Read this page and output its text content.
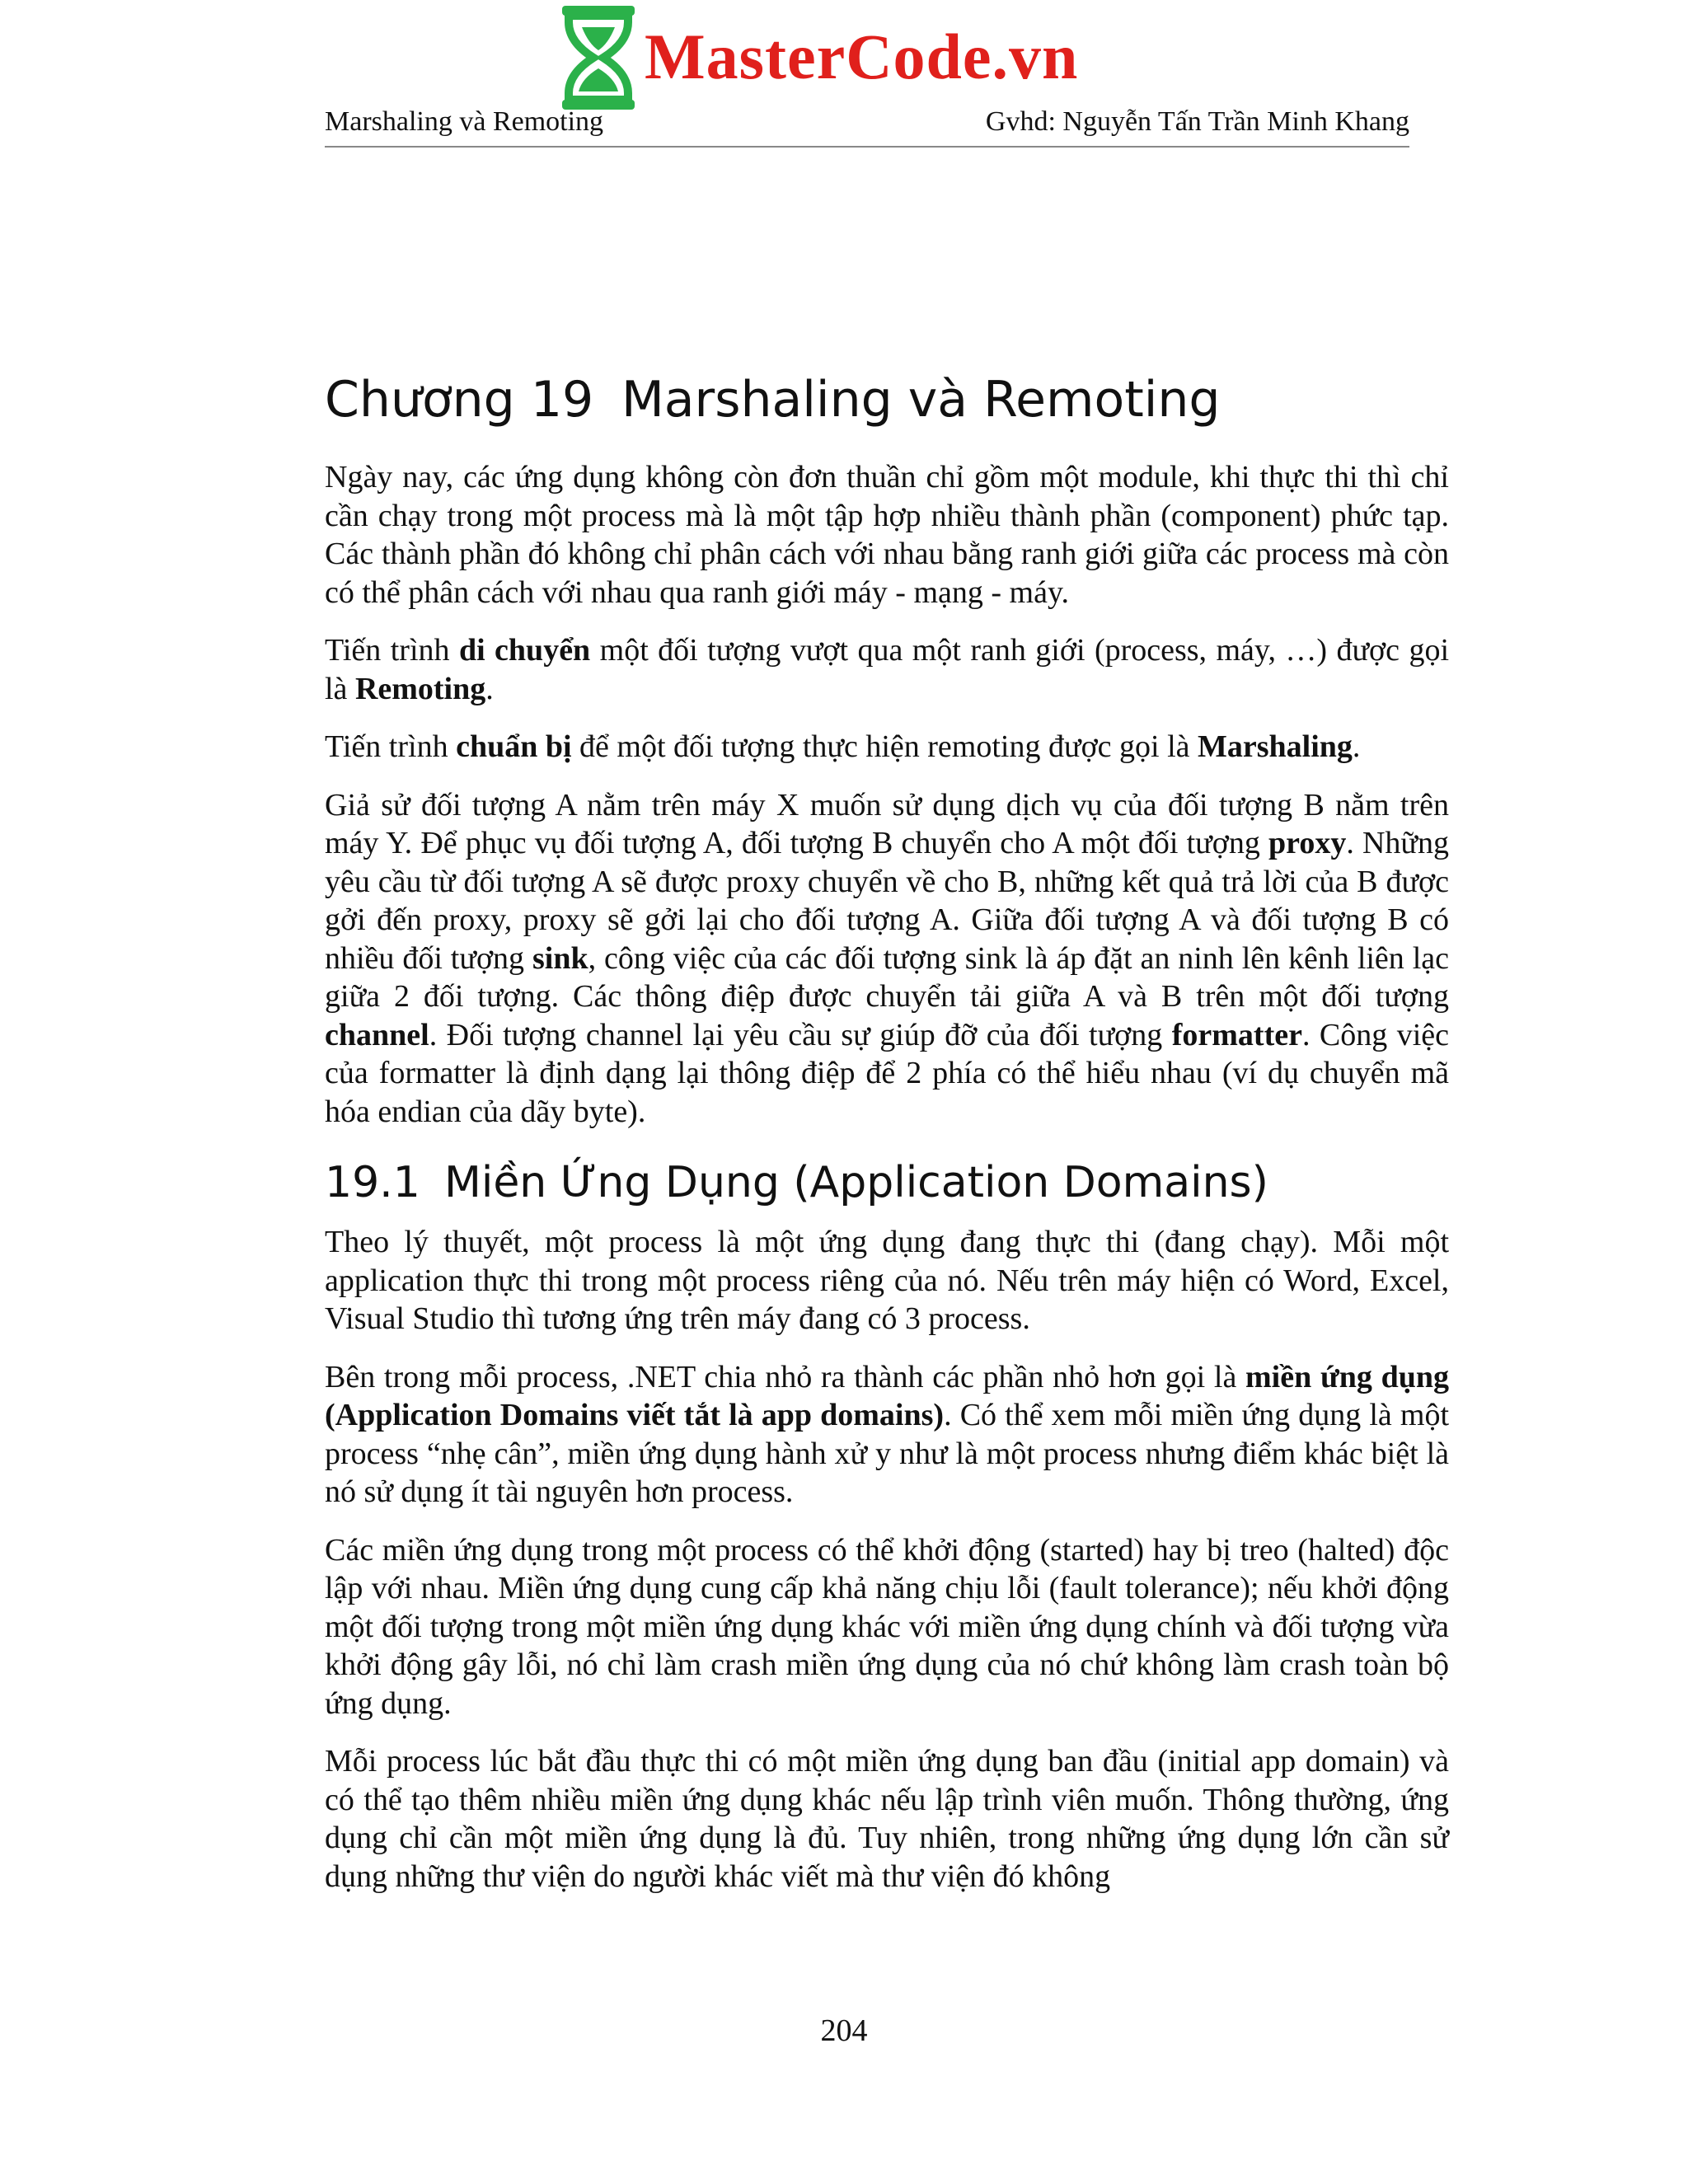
MasterCode.vn
Marshaling và Remoting	Gvhd: Nguyễn Tấn Trần Minh Khang
Chương 19 Marshaling và Remoting

Ngày nay, các ứng dụng không còn đơn thuần chỉ gồm một module, khi thực thi thì chỉ cần chạy trong một process mà là một tập hợp nhiều thành phần (component) phức tạp. Các thành phần đó không chỉ phân cách với nhau bằng ranh giới giữa các process mà còn có thể phân cách với nhau qua ranh giới máy - mạng - máy.

Tiến trình di chuyển một đối tượng vượt qua một ranh giới (process, máy, …) được gọi là Remoting.

Tiến trình chuẩn bị để một đối tượng thực hiện remoting được gọi là Marshaling.

Giả sử đối tượng A nằm trên máy X muốn sử dụng dịch vụ của đối tượng B nằm trên máy Y. Để phục vụ đối tượng A, đối tượng B chuyển cho A một đối tượng proxy. Những yêu cầu từ đối tượng A sẽ được proxy chuyển về cho B, những kết quả trả lời của B được gởi đến proxy, proxy sẽ gởi lại cho đối tượng A. Giữa đối tượng A và đối tượng B có nhiều đối tượng sink, công việc của các đối tượng sink là áp đặt an ninh lên kênh liên lạc giữa 2 đối tượng. Các thông điệp được chuyển tải giữa A và B trên một đối tượng channel. Đối tượng channel lại yêu cầu sự giúp đỡ của đối tượng formatter. Công việc của formatter là định dạng lại thông điệp để 2 phía có thể hiểu nhau (ví dụ chuyển mã hóa endian của dãy byte).

19.1 Miền Ứng Dụng (Application Domains)

Theo lý thuyết, một process là một ứng dụng đang thực thi (đang chạy). Mỗi một application thực thi trong một process riêng của nó. Nếu trên máy hiện có Word, Excel, Visual Studio thì tương ứng trên máy đang có 3 process.

Bên trong mỗi process, .NET chia nhỏ ra thành các phần nhỏ hơn gọi là miền ứng dụng (Application Domains viết tắt là app domains). Có thể xem mỗi miền ứng dụng là một process “nhẹ cân”, miền ứng dụng hành xử y như là một process nhưng điểm khác biệt là nó sử dụng ít tài nguyên hơn process.

Các miền ứng dụng trong một process có thể khởi động (started) hay bị treo (halted) độc lập với nhau. Miền ứng dụng cung cấp khả năng chịu lỗi (fault tolerance); nếu khởi động một đối tượng trong một miền ứng dụng khác với miền ứng dụng chính và đối tượng vừa khởi động gây lỗi, nó chỉ làm crash miền ứng dụng của nó chứ không làm crash toàn bộ ứng dụng.

Mỗi process lúc bắt đầu thực thi có một miền ứng dụng ban đầu (initial app domain) và có thể tạo thêm nhiều miền ứng dụng khác nếu lập trình viên muốn. Thông thường, ứng dụng chỉ cần một miền ứng dụng là đủ. Tuy nhiên, trong những ứng dụng lớn cần sử dụng những thư viện do người khác viết mà thư viện đó không

204
